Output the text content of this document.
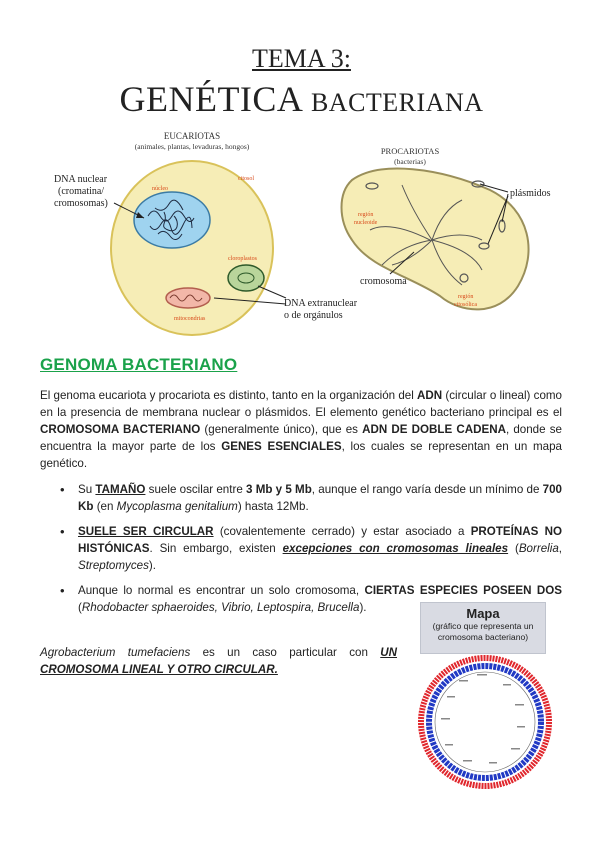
TEMA 3:
GENÉTICA BACTERIANA
EUCARIOTAS
(animales, plantas, levaduras, hongos)
citosol
núcleo
cloroplastos
mitocondrias
DNA nuclear
(cromatina/
cromosomas)
DNA extranuclear
o de orgánulos
PROCARIOTAS
(bacterias)
región
nucleoide
plásmidos
cromosoma
región
citosólica
GENOMA BACTERIANO
El genoma eucariota y procariota es distinto, tanto en la organización del ADN (circular o lineal) como en la presencia de membrana nuclear o plásmidos. El elemento genético bacteriano principal es el CROMOSOMA BACTERIANO (generalmente único), que es ADN DE DOBLE CADENA, donde se encuentra la mayor parte de los GENES ESENCIALES, los cuales se representan en un mapa genético.
• Su TAMAÑO suele oscilar entre 3 Mb y 5 Mb, aunque el rango varía desde un mínimo de 700 Kb (en Mycoplasma genitalium) hasta 12Mb.
• SUELE SER CIRCULAR (covalentemente cerrado) y estar asociado a PROTEÍNAS NO HISTÓNICAS. Sin embargo, existen excepciones con cromosomas lineales (Borrelia, Streptomyces).
• Aunque lo normal es encontrar un solo cromosoma, CIERTAS ESPECIES POSEEN DOS (Rhodobacter sphaeroides, Vibrio, Leptospira, Brucella).
Agrobacterium tumefaciens es un caso particular con UN CROMOSOMA LINEAL Y OTRO CIRCULAR.
Mapa
(gráfico que representa un
cromosoma bacteriano)
